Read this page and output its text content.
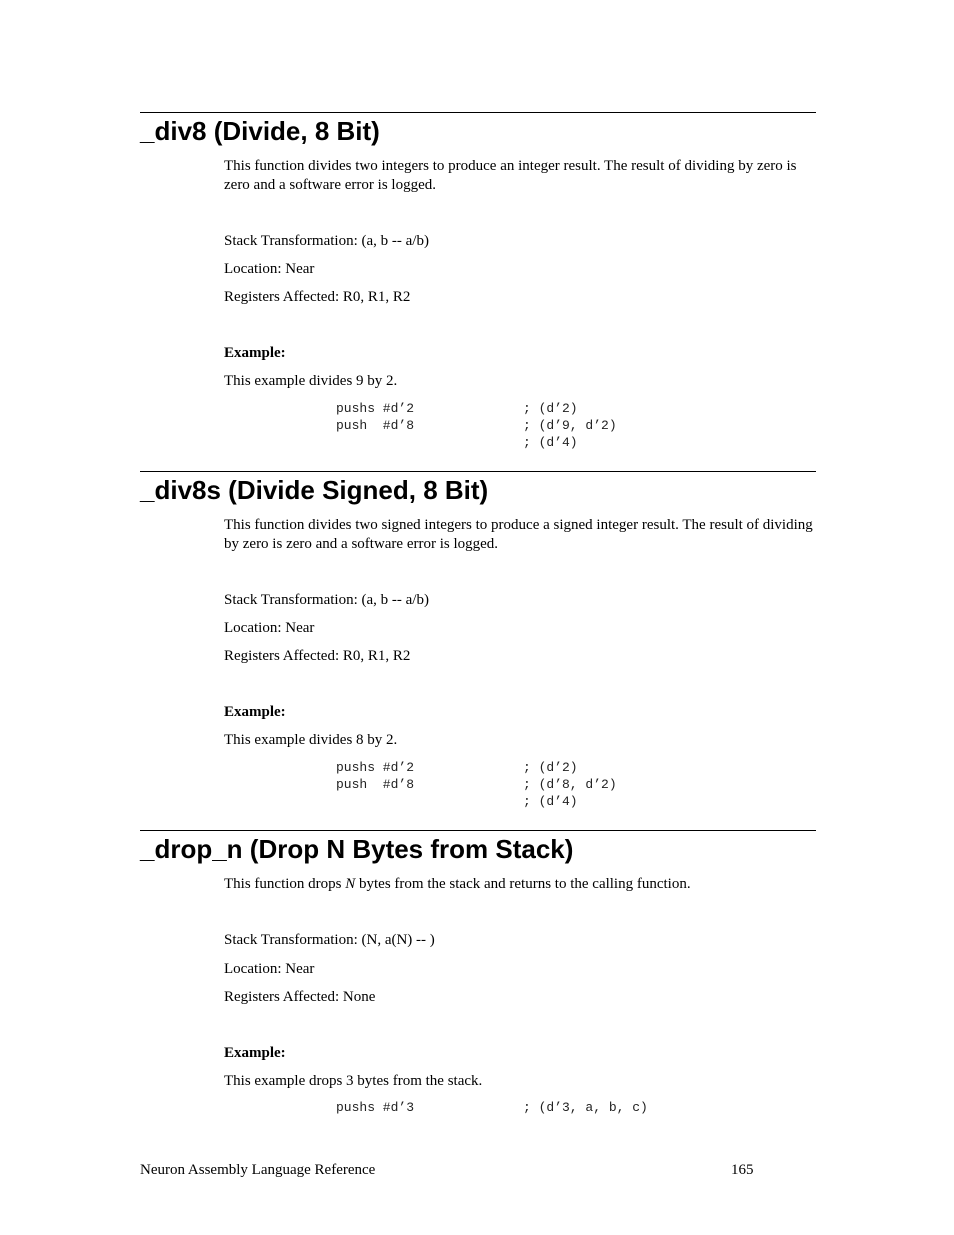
_div8 (Divide, 8 Bit)

This function divides two integers to produce an integer result. The result of dividing by zero is zero and a software error is logged.

Stack Transformation: (a, b -- a/b)

Location: Near

Registers Affected: R0, R1, R2

Example:

This example divides 9 by 2.

pushs #d’2	; (d’2)
push  #d’8	; (d’9, d’2)
; (d’4)
_div8s (Divide Signed, 8 Bit)

This function divides two signed integers to produce a signed integer result. The result of dividing by zero is zero and a software error is logged.

Stack Transformation: (a, b -- a/b)

Location: Near

Registers Affected: R0, R1, R2

Example:

This example divides 8 by 2.

pushs #d’2	; (d’2)
push  #d’8	; (d’8, d’2)
; (d’4)
_drop_n (Drop N Bytes from Stack)

This function drops N bytes from the stack and returns to the calling function.

Stack Transformation: (N, a(N) -- )

Location: Near

Registers Affected: None

Example:

This example drops 3 bytes from the stack.

pushs #d’3	; (d’3, a, b, c)
Neuron Assembly Language Reference	165
